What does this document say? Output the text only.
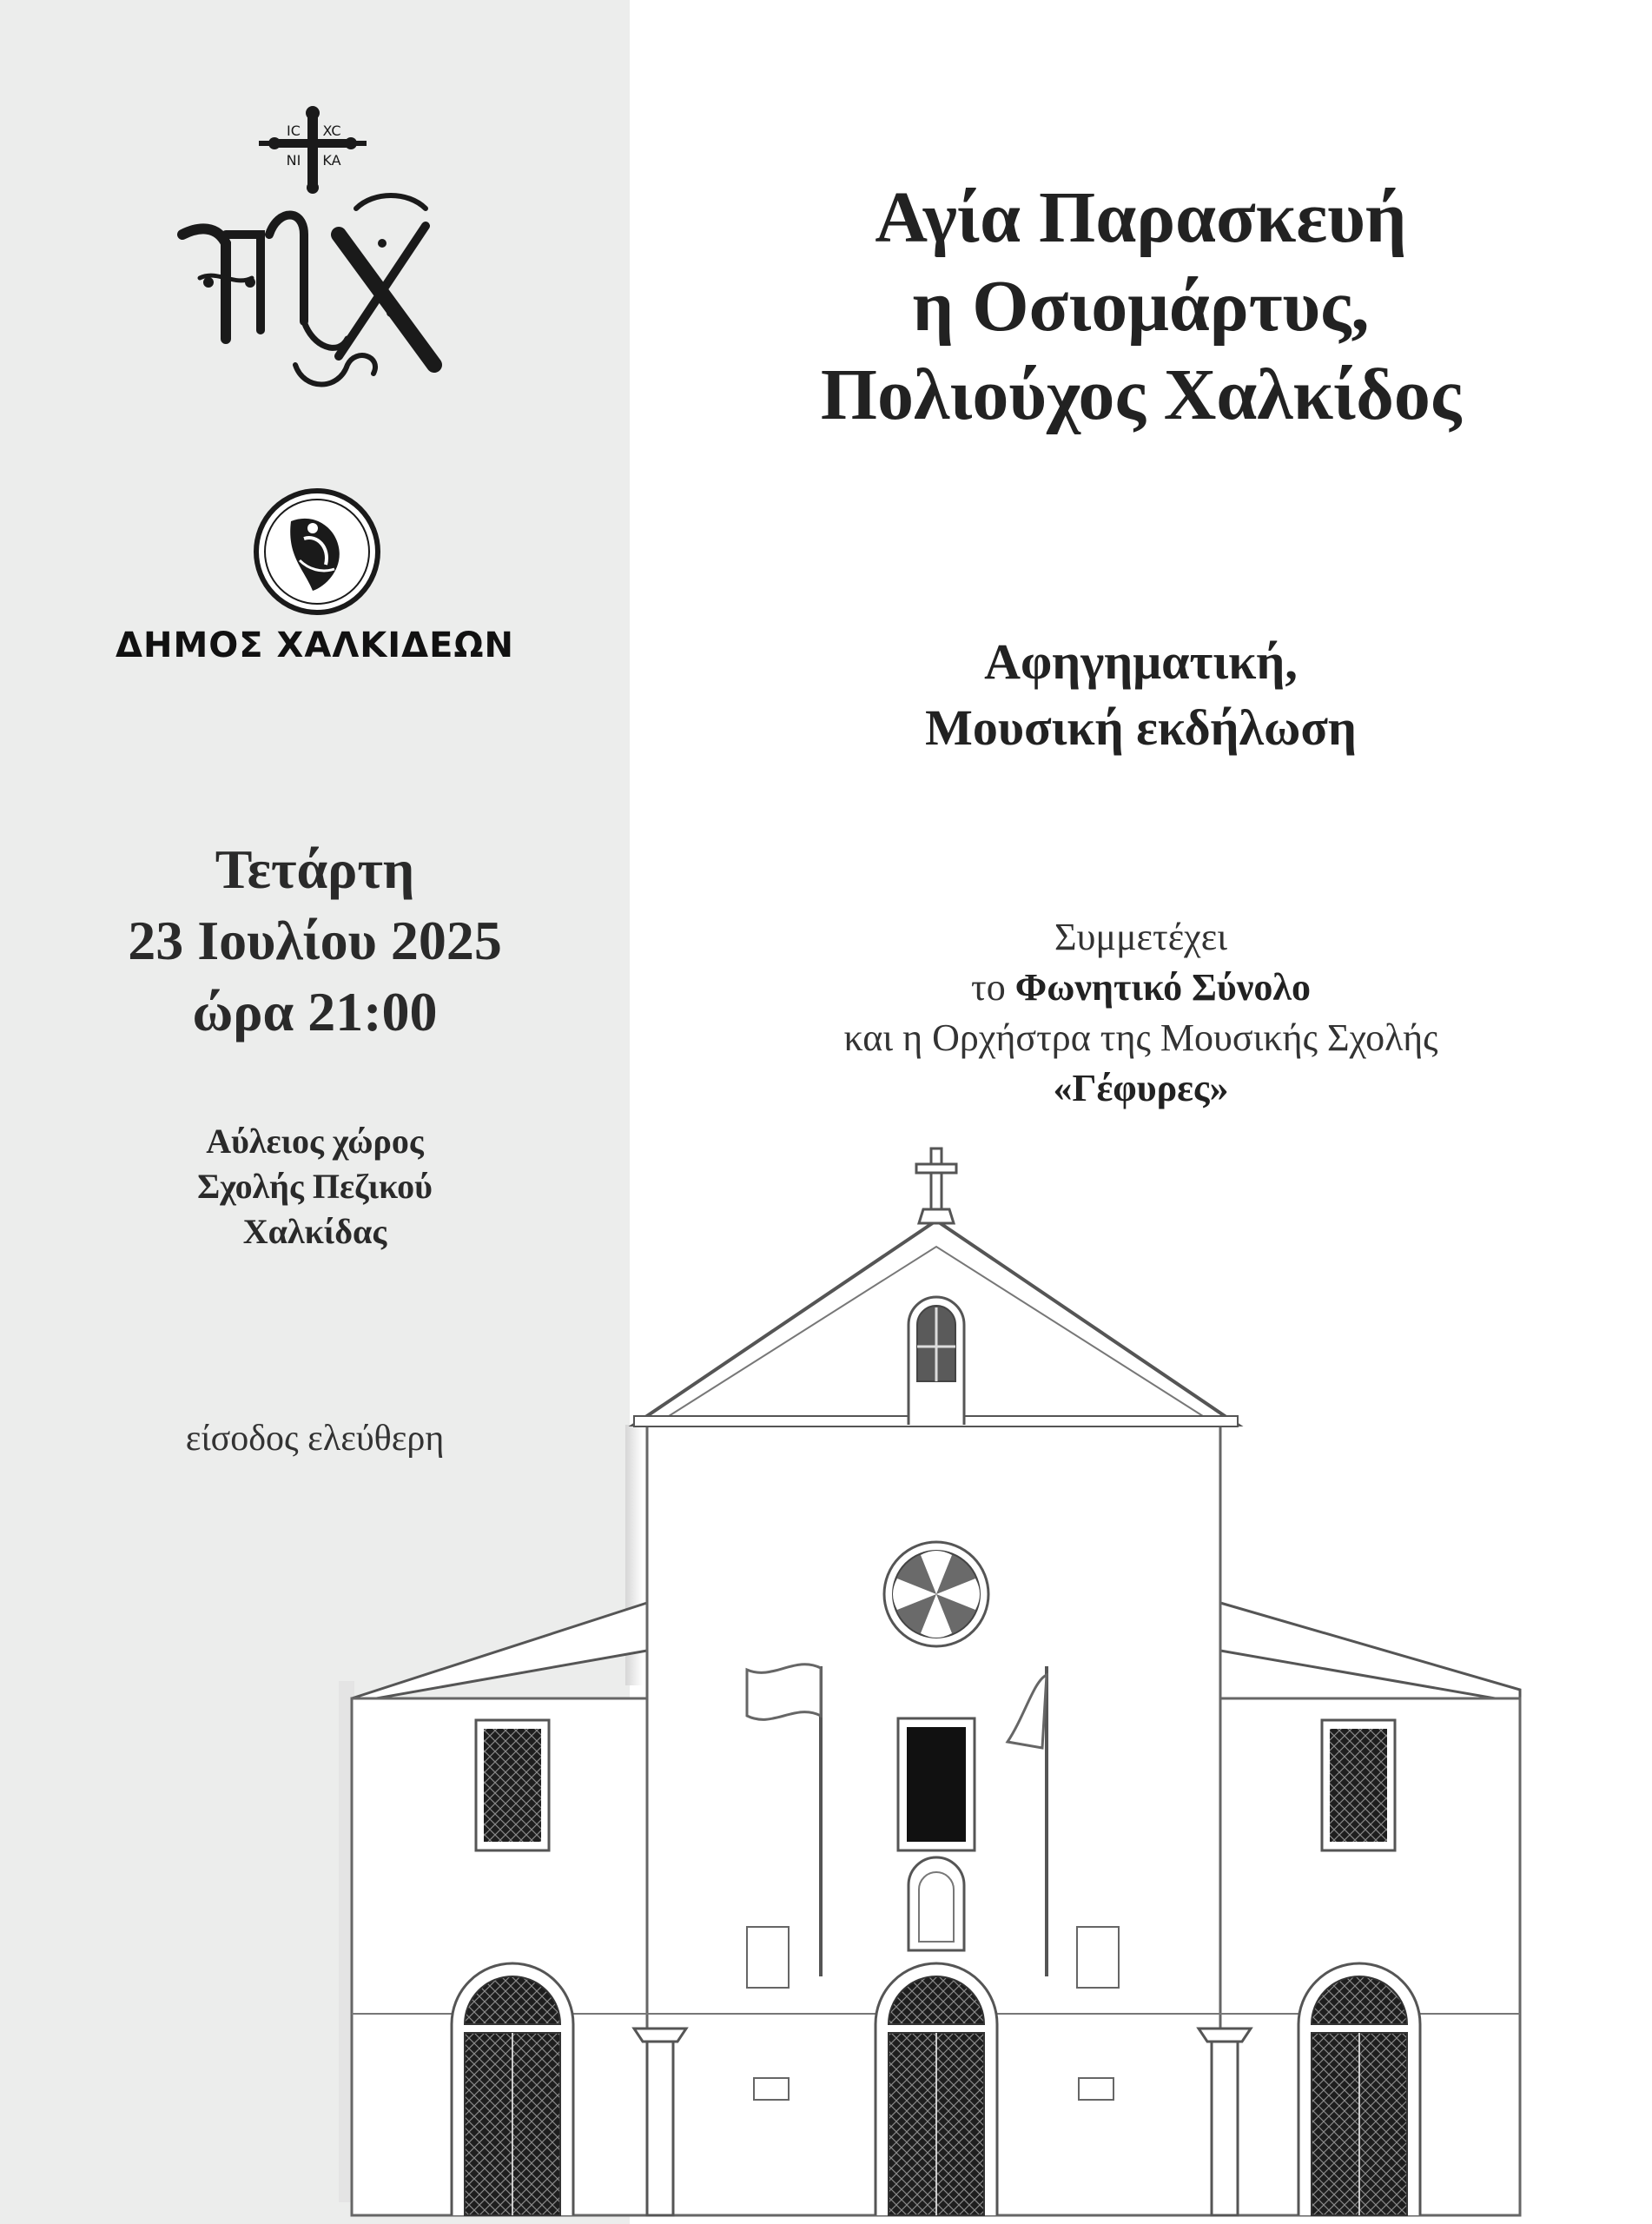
IC XC
NI KA
ΔΗΜΟΣ ΧΑΛΚΙΔΕΩΝ
Τετάρτη
23 Ιουλίου 2025
ώρα 21:00
Αύλειος χώρος
Σχολής Πεζικού
Χαλκίδας
είσοδος ελεύθερη
Αγία Παρασκευή
η Οσιομάρτυς,
Πολιούχος Χαλκίδος
Αφηγηματική,
Μουσική εκδήλωση
Συμμετέχει
το Φωνητικό Σύνολο
και η Ορχήστρα της Μουσικής Σχολής
«Γέφυρες»
